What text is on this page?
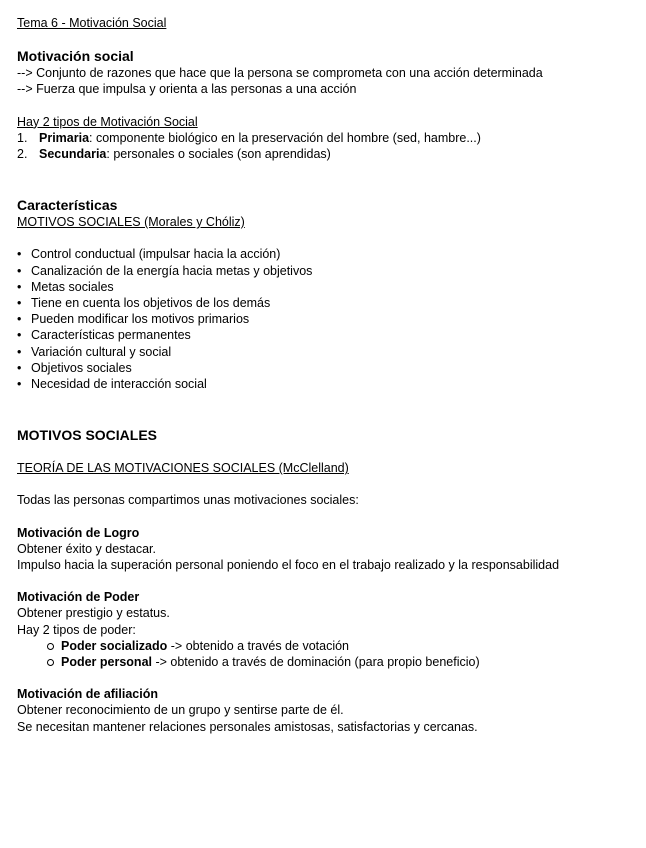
Tema 6 - Motivación Social

Motivación social

--> Conjunto de razones que hace que la persona se comprometa con una acción determinada

--> Fuerza que impulsa y orienta a las personas a una acción

Hay 2 tipos de Motivación Social

1. Primaria: componente biológico en la preservación del hombre (sed, hambre...)
2. Secundaria: personales o sociales (son aprendidas)

Características

MOTIVOS SOCIALES (Morales y Chóliz)

• Control conductual (impulsar hacia la acción)
• Canalización de la energía hacia metas y objetivos
• Metas sociales
• Tiene en cuenta los objetivos de los demás
• Pueden modificar los motivos primarios
• Características permanentes
• Variación cultural y social
• Objetivos sociales
• Necesidad de interacción social

MOTIVOS SOCIALES

TEORÍA DE LAS MOTIVACIONES SOCIALES (McClelland)

Todas las personas compartimos unas motivaciones sociales:

Motivación de Logro

Obtener éxito y destacar.

Impulso hacia la superación personal poniendo el foco en el trabajo realizado y la responsabilidad

Motivación de Poder

Obtener prestigio y estatus.

Hay 2 tipos de poder:

Poder socializado -> obtenido a través de votación
Poder personal -> obtenido a través de dominación (para propio beneficio)

Motivación de afiliación

Obtener reconocimiento de un grupo y sentirse parte de él.

Se necesitan mantener relaciones personales amistosas, satisfactorias y cercanas.
